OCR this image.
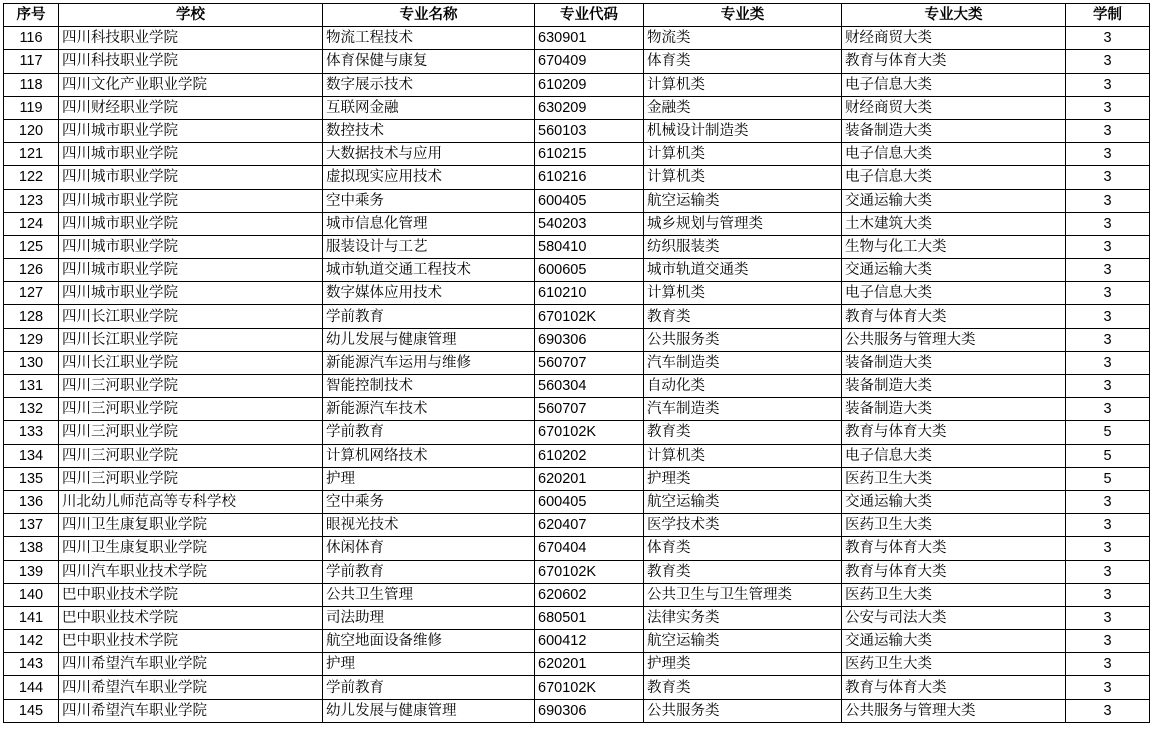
序号	学校	专业名称	专业代码	专业类	专业大类	学制
116	四川科技职业学院	物流工程技术	630901	物流类	财经商贸大类	3
117	四川科技职业学院	体育保健与康复	670409	体育类	教育与体育大类	3
118	四川文化产业职业学院	数字展示技术	610209	计算机类	电子信息大类	3
119	四川财经职业学院	互联网金融	630209	金融类	财经商贸大类	3
120	四川城市职业学院	数控技术	560103	机械设计制造类	装备制造大类	3
121	四川城市职业学院	大数据技术与应用	610215	计算机类	电子信息大类	3
122	四川城市职业学院	虚拟现实应用技术	610216	计算机类	电子信息大类	3
123	四川城市职业学院	空中乘务	600405	航空运输类	交通运输大类	3
124	四川城市职业学院	城市信息化管理	540203	城乡规划与管理类	土木建筑大类	3
125	四川城市职业学院	服装设计与工艺	580410	纺织服装类	生物与化工大类	3
126	四川城市职业学院	城市轨道交通工程技术	600605	城市轨道交通类	交通运输大类	3
127	四川城市职业学院	数字媒体应用技术	610210	计算机类	电子信息大类	3
128	四川长江职业学院	学前教育	670102K	教育类	教育与体育大类	3
129	四川长江职业学院	幼儿发展与健康管理	690306	公共服务类	公共服务与管理大类	3
130	四川长江职业学院	新能源汽车运用与维修	560707	汽车制造类	装备制造大类	3
131	四川三河职业学院	智能控制技术	560304	自动化类	装备制造大类	3
132	四川三河职业学院	新能源汽车技术	560707	汽车制造类	装备制造大类	3
133	四川三河职业学院	学前教育	670102K	教育类	教育与体育大类	5
134	四川三河职业学院	计算机网络技术	610202	计算机类	电子信息大类	5
135	四川三河职业学院	护理	620201	护理类	医药卫生大类	5
136	川北幼儿师范高等专科学校	空中乘务	600405	航空运输类	交通运输大类	3
137	四川卫生康复职业学院	眼视光技术	620407	医学技术类	医药卫生大类	3
138	四川卫生康复职业学院	休闲体育	670404	体育类	教育与体育大类	3
139	四川汽车职业技术学院	学前教育	670102K	教育类	教育与体育大类	3
140	巴中职业技术学院	公共卫生管理	620602	公共卫生与卫生管理类	医药卫生大类	3
141	巴中职业技术学院	司法助理	680501	法律实务类	公安与司法大类	3
142	巴中职业技术学院	航空地面设备维修	600412	航空运输类	交通运输大类	3
143	四川希望汽车职业学院	护理	620201	护理类	医药卫生大类	3
144	四川希望汽车职业学院	学前教育	670102K	教育类	教育与体育大类	3
145	四川希望汽车职业学院	幼儿发展与健康管理	690306	公共服务类	公共服务与管理大类	3
